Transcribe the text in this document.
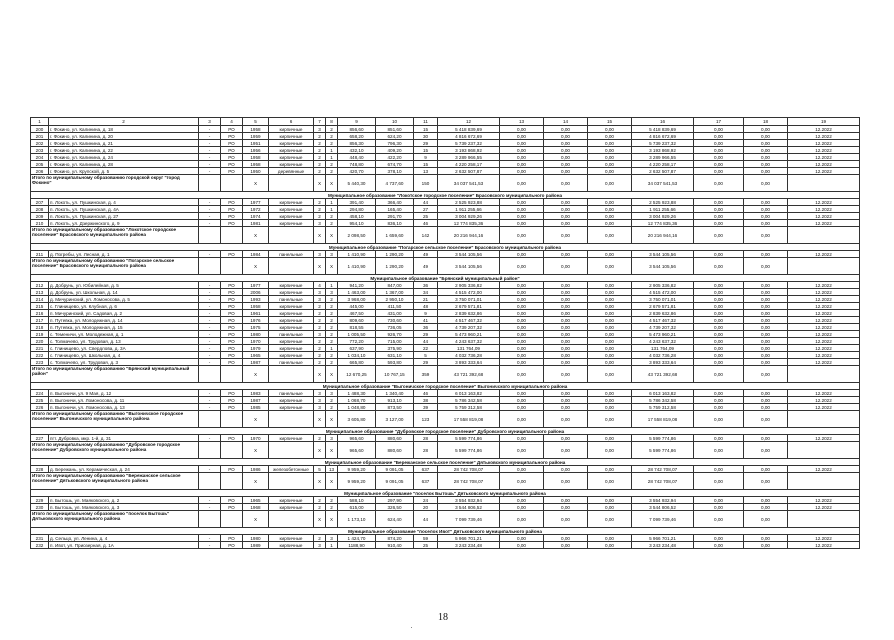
1	2	3	4	5	6	7	8	9	10	11	12	13	14	15	16	17	18	19
200	г. Фокино, ул. Калинина, д. 18	-	РО	1958	кирпичные	3	2	856,60	851,60	15	5 418 839,69	0,00	0,00	0,00	5 418 839,69	0,00	0,00	12.2022
201	г. Фокино, ул. Калинина, д. 20	-	РО	1959	кирпичные	2	2	658,20	624,20	30	4 816 672,69	0,00	0,00	0,00	4 816 672,69	0,00	0,00	12.2022
202	г. Фокино, ул. Калинина, д. 21	-	РО	1951	кирпичные	2	2	856,30	796,30	29	5 739 237,32	0,00	0,00	0,00	5 739 237,32	0,00	0,00	12.2022
203	г. Фокино, ул. Калинина, д. 22	-	РО	1956	кирпичные	2	1	432,10	409,20	15	3 193 868,92	0,00	0,00	0,00	3 193 868,92	0,00	0,00	12.2022
204	г. Фокино, ул. Калинина, д. 24	-	РО	1958	кирпичные	2	1	448,40	422,20	9	3 289 966,55	0,00	0,00	0,00	3 289 966,55	0,00	0,00	12.2022
205	г. Фокино, ул. Калинина, д. 28	-	РО	1958	кирпичные	2	2	748,80	674,70	15	4 220 258,17	0,00	0,00	0,00	4 220 258,17	0,00	0,00	12.2022
206	г. Фокино, ул. Крупской, д. 5	-	РО	1950	деревянные	2	2	420,70	378,10	13	2 632 507,87	0,00	0,00	0,00	2 632 507,87	0,00	0,00	12.2022
Итого по муниципальному образованию городской округ "город Фокино"				X		X	X	5 440,30	4 737,60	150	34 037 541,53	0,00	0,00	0,00	34 037 541,53	0,00	0,00	
Муниципальное образование "Локотское городское поселение" Брасовского муниципального района																		
207	п. Локоть, ул. Пушкинская, д. 4	-	РО	1977	кирпичные	2	1	391,40	366,40	44	2 525 923,88	0,00	0,00	0,00	2 525 923,88	0,00	0,00	12.2022
208	п. Локоть, ул. Пушкинская, д. 4А	-	РО	1972	кирпичные	2	1	294,80	165,40	27	1 911 255,66	0,00	0,00	0,00	1 911 255,66	0,00	0,00	12.2022
209	п. Локоть, ул. Пушкинская, д. 27	-	РО	1974	кирпичные	2	2	458,10	291,70	25	3 004 929,26	0,00	0,00	0,00	3 004 929,26	0,00	0,00	12.2022
210	п. Локоть, ул. Дзержинского, д. 9	-	РО	1981	кирпичные	3	2	954,10	836,10	46	12 774 835,36	0,00	0,00	0,00	12 774 835,36	0,00	0,00	12.2022
Итого по муниципальному образованию "Локотское городское поселение" Брасовского муниципального района				X		X	X	2 098,50	1 659,60	142	20 216 944,16	0,00	0,00	0,00	20 216 944,16	0,00	0,00	
Муниципальное образование "Погарское сельское поселение" Брасовского муниципального района																		
211	д. Погребы, ул. Лесная, д. 1	-	РО	1984	панельные	3	3	1 410,90	1 290,20	49	3 544 105,56	0,00	0,00	0,00	3 544 105,56	0,00	0,00	12.2022
Итого по муниципальному образованию "Погарское сельское поселение" Брасовского муниципального района				X		X	X	1 410,90	1 290,20	49	3 544 105,56	0,00	0,00	0,00	3 544 105,56	0,00	0,00	
Муниципальное образование "Брянский муниципальный район"																		
212	д. Добрунь, ул. Юбилейная, д. 5	-	РО	1977	кирпичные	4	1	941,20	847,00	36	2 905 336,82	0,00	0,00	0,00	2 905 336,82	0,00	0,00	12.2022
213	д. Добрунь, ул. Школьная, д. 14	-	РО	2006	кирпичные	3	3	1 463,00	1 367,00	34	4 515 472,00	0,00	0,00	0,00	4 515 472,00	0,00	0,00	12.2022
214	д. Мичуринский, ул. Ломоносова, д. 5	-	РО	1993	панельные	3	2	3 968,00	2 950,10	21	3 750 071,01	0,00	0,00	0,00	3 750 071,01	0,00	0,00	12.2022
215	с. Глинищево, ул. Клубная, д. 6	-	РО	1958	кирпичные	2	2	445,00	411,50	48	2 679 571,81	0,00	0,00	0,00	2 679 571,81	0,00	0,00	12.2022
216	п. Мичуринский, ул. Садовая, д. 2	-	РО	1961	кирпичные	2	2	467,50	431,00	9	2 839 632,86	0,00	0,00	0,00	2 839 632,86	0,00	0,00	12.2022
217	п. Путевка, ул. Молодежная, д. 14	-	РО	1976	кирпичные	2	2	809,60	730,60	41	4 517 467,32	0,00	0,00	0,00	4 517 467,32	0,00	0,00	12.2022
218	п. Путевка, ул. Молодежная, д. 15	-	РО	1975	кирпичные	2	2	818,55	736,05	36	4 739 207,32	0,00	0,00	0,00	4 739 207,32	0,00	0,00	12.2022
219	с. Теменичи, ул. Молодежная, д. 1	-	РО	1980	панельные	3	2	1 005,50	926,70	29	5 473 960,21	0,00	0,00	0,00	5 473 960,21	0,00	0,00	12.2022
220	с. Толмачево, ул. Трудовая, д. 13	-	РО	1970	кирпичные	2	2	772,20	715,00	44	4 243 637,32	0,00	0,00	0,00	4 243 637,32	0,00	0,00	12.2022
221	с. Глинищево, ул. Свердлова, д. 3А	-	РО	1979	кирпичные	2	1	637,90	375,90	22	131 764,09	0,00	0,00	0,00	131 764,09	0,00	0,00	12.2022
222	с. Глинищево, ул. Школьная, д. 4	-	РО	1965	кирпичные	2	2	1 034,10	631,10	5	4 032 736,28	0,00	0,00	0,00	4 032 736,28	0,00	0,00	12.2022
223	с. Толмачево, ул. Трудовая, д. 3	-	РО	1987	панельные	2	2	665,80	593,80	29	3 893 333,64	0,00	0,00	0,00	3 893 333,64	0,00	0,00	12.2022
Итого по муниципальному образованию "Брянский муниципальный район"				X		X	X	12 670,25	10 767,15	359	43 721 392,68	0,00	0,00	0,00	43 721 392,68	0,00	0,00	
Муниципальное образование "Выгоничское городское поселение" Выгоничского муниципального района																		
224	п. Выгоничи, ул. 9 Мая, д. 12	-	РО	1983	панельные	3	3	1 488,30	1 340,40	46	6 013 163,82	0,00	0,00	0,00	6 013 163,82	0,00	0,00	12.2022
225	п. Выгоничи, ул. Ломоносова, д. 11	-	РО	1987	кирпичные	3	2	1 068,70	913,10	38	5 786 342,58	0,00	0,00	0,00	5 786 342,58	0,00	0,00	12.2022
226	п. Выгоничи, ул. Ломоносова, д. 13	-	РО	1985	кирпичные	3	2	1 048,80	873,50	39	5 759 312,58	0,00	0,00	0,00	5 759 312,58	0,00	0,00	12.2022
Итого по муниципальному образованию "Выгоничское городское поселение" Выгоничского муниципального района				X		X	X	3 605,80	3 127,00	123	17 558 819,08	0,00	0,00	0,00	17 558 819,08	0,00	0,00	
Муниципальное образование "Дубровское городское поселение" Дубровского муниципального района																		
227	пгт. Дубровка, мкр. 1-й, д. 31	-	РО	1970	кирпичные	2	3	965,60	880,60	28	5 599 774,86	0,00	0,00	0,00	5 599 774,86	0,00	0,00	12.2022
Итого по муниципальному образованию "Дубровское городское поселение" Дубровского муниципального района				X		X	X	965,60	880,60	28	5 599 774,86	0,00	0,00	0,00	5 599 774,86	0,00	0,00	
Муниципальное образование "Бережанское сельское поселение" Дятьковского муниципального района																		
228	д. Бережань, ул. Керамическая, д. 24	-	РО	1986	железобетонные	5	13	9 959,20	9 091,05	637	28 742 708,07	0,00	0,00	0,00	28 742 708,07	0,00	0,00	12.2022
Итого по муниципальному образованию "Бережанское сельское поселение" Дятьковского муниципального района				X		X	X	9 959,20	9 091,05	637	28 742 708,07	0,00	0,00	0,00	28 742 708,07	0,00	0,00	
Муниципальное образование "поселок Бытошь" Дятьковского муниципального района																		
229	п. Бытошь, ул. Маяковского, д. 2	-	РО	1965	кирпичные	2	2	588,10	297,90	24	3 554 932,94	0,00	0,00	0,00	3 554 932,94	0,00	0,00	12.2022
230	п. Бытошь, ул. Маяковского, д. 3	-	РО	1968	кирпичные	2	2	615,00	326,50	20	3 544 806,52	0,00	0,00	0,00	3 544 806,52	0,00	0,00	12.2022
Итого по муниципальному образованию "поселок Бытошь" Дятьковского муниципального района				X		X	X	1 173,10	624,40	44	7 099 739,46	0,00	0,00	0,00	7 099 739,46	0,00	0,00	
Муниципальное образование "поселок Ивот" Дятьковского муниципального района																		
231	д. Сельцо, ул. Ленина, д. 4	-	РО	1980	кирпичные	2	3	1 424,70	874,20	59	5 966 701,21	0,00	0,00	0,00	5 966 701,21	0,00	0,00	12.2022
232	п. Ивот, ул. Приозерная, д. 1А	-	РО	1989	кирпичные	3	1	1188,90	910,40	25	3 243 234,48	0,00	0,00	0,00	3 243 234,48	0,00	0,00	12.2022
18
